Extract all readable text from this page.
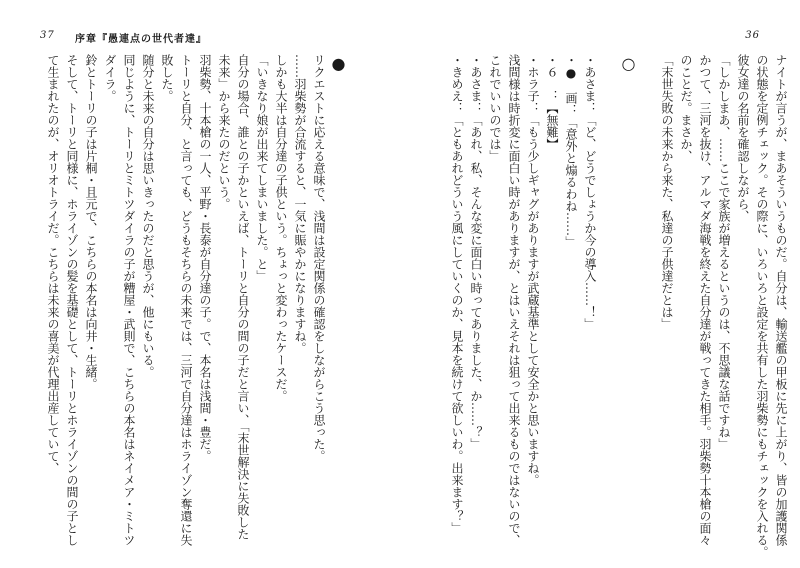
37 序章『愚連点の世代者達』
●
リクエストに応える意味で、浅間は設定関係の確認をしながらこう思った。
……羽柴勢が合流すると、一気に賑やかになりますね。
しかも大半は自分達の子供という。ちょっと変わったケースだ。
「いきなり娘が出来てしまいました。と」
自分の場合、誰との子かといえば、トーリと自分の間の子だと言い、「末世解決に失敗した
未来」から来たのだという。
羽柴勢、十本槍の一人、平野・長泰が自分達の子。で、本名は浅間・豊だ。
トーリと自分、と言っても、どうもそちらの未来では、三河で自分達はホライゾン奪還に失
敗した。
随分と未来の自分は思いきったのだと思うが、他にもいる。
同じように、トーリとミトツダイラの子が糟屋・武則で、こちらの本名はネイメア・ミトツ
ダイラ。
鈴とトーリの子は片桐・且元で、こちらの本名は向井・生緒。
そして、トーリと同様に、ホライゾンの髪を基礎として、トーリとホライゾンの間の子とし
て生まれたのが、オリオトライだ。こちらは未来の喜美が代理出産していて、
36
ナイトが言うが、まあそういうものだ。自分は、輸送艦の甲板に先に上がり、皆の加護関係
の状態を定例チェック。その際に、いろいろと設定を共有した羽柴勢にもチェックを入れる。
彼女達の名前を確認しながら、
「しかしまあ、……ここで家族が増えるというのは、不思議な話ですね」
かつて、三河を抜け、アルマダ海戦を終えた自分達が戦ってきた相手。羽柴勢十本槍の面々
のことだ。まさか、
「末世失敗の未来から来た、私達の子供達だとは」

○

・あさま：「ど、どうでしょうか今の導入……！」
・●　画：「意外と煽るわね……」
・６　：【無難】
・ホラ子：「もう少しギャグがありますが武蔵基準として安全かと思いますね。
浅間様は時折変に面白い時がありますが、とはいえそれは狙って出来るものではないので、
これでいいのでは」
・あさま：「あれ、私、そんな変に面白い時ってありました、か……？」
・きめえ：「ともあれどういう風にしていくのか、見本を続けて欲しいわ。出来ます？」
